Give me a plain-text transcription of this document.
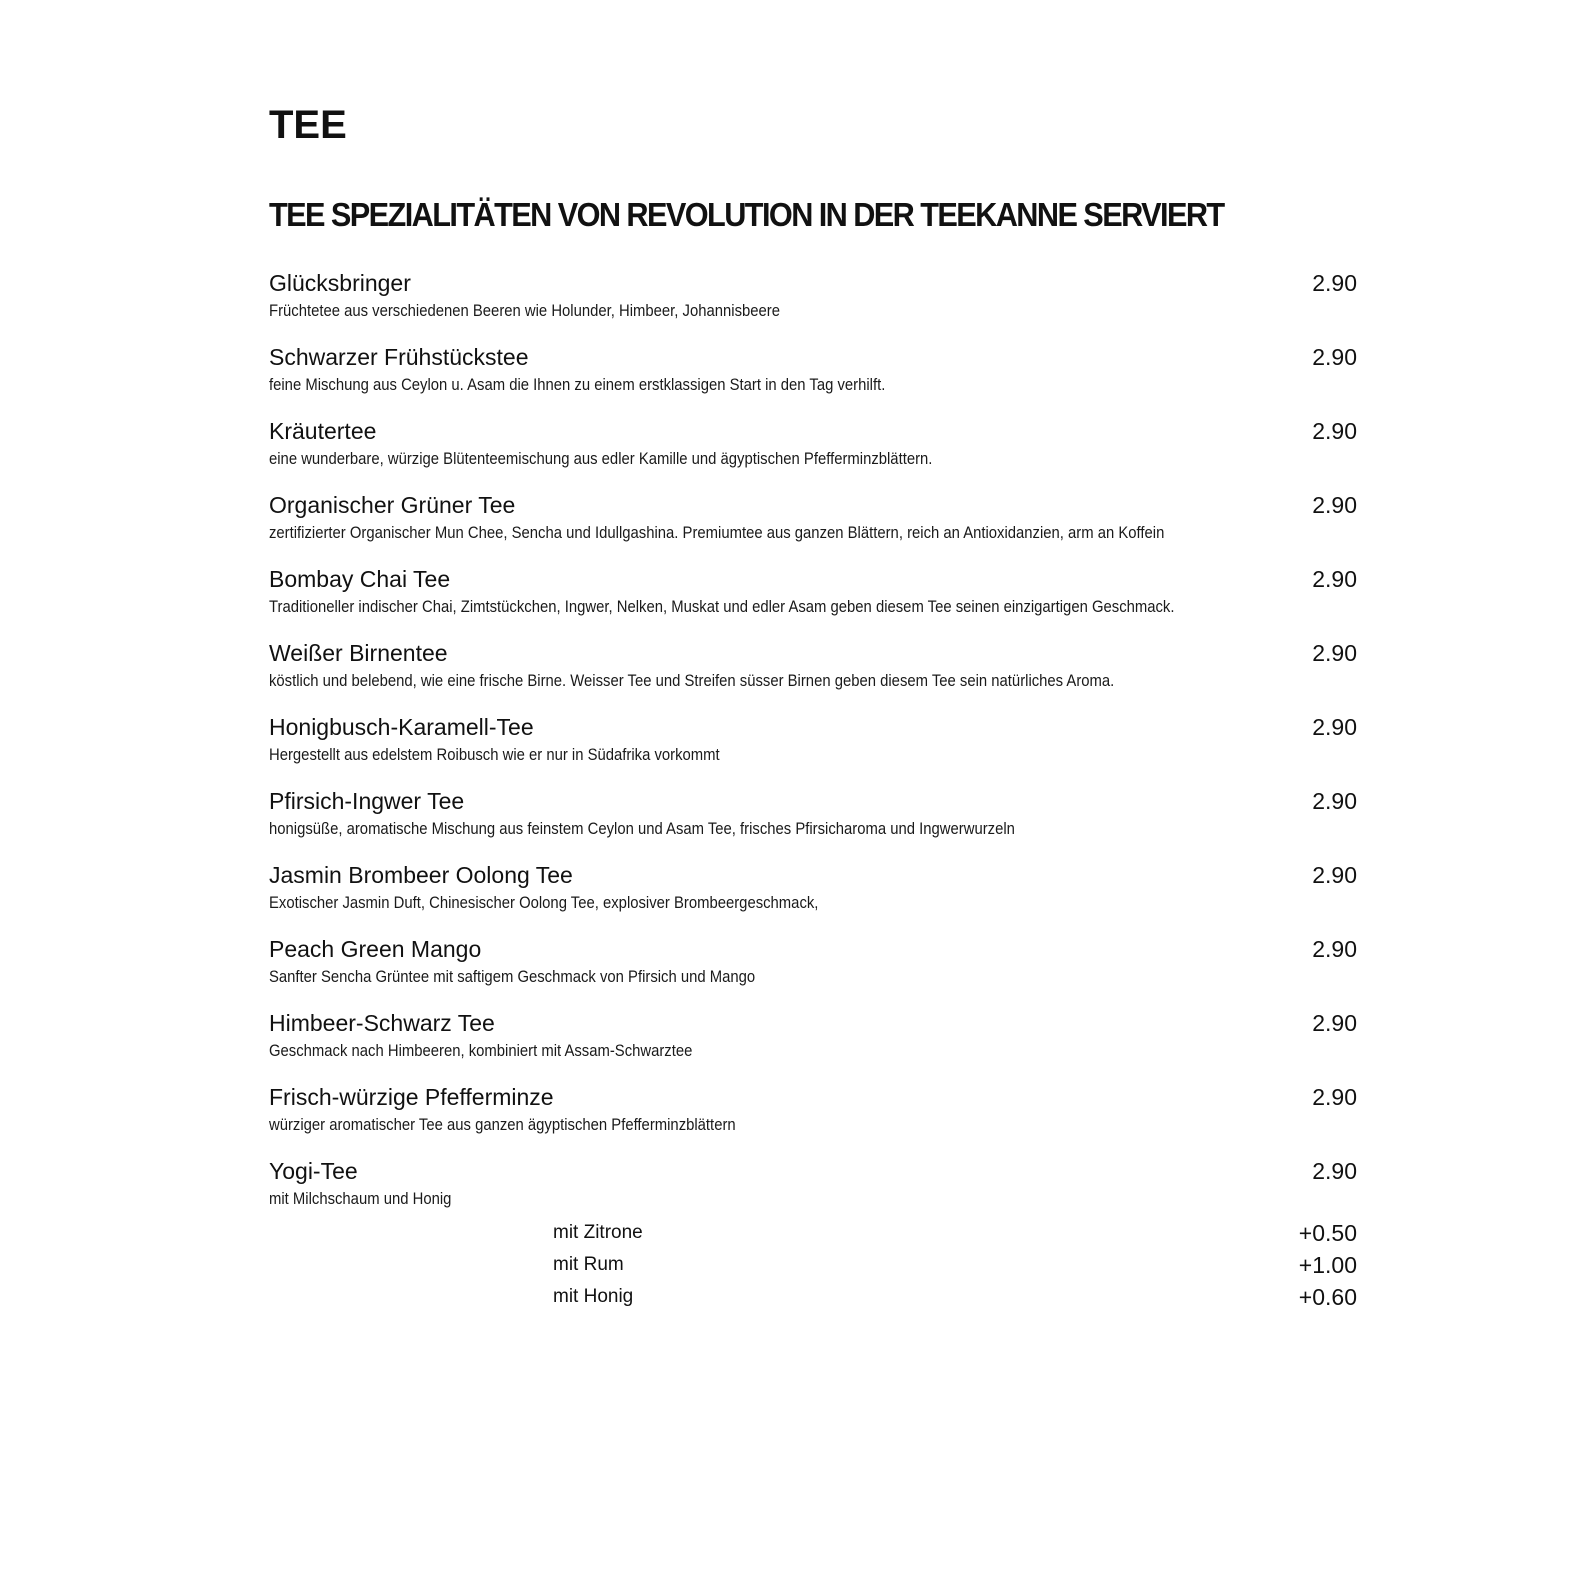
TEE
TEE SPEZIALITÄTEN VON REVOLUTION IN DER TEEKANNE SERVIERT
Glücksbringer	2.90
Früchtetee aus verschiedenen Beeren wie Holunder, Himbeer, Johannisbeere
Schwarzer Frühstückstee	2.90
feine Mischung aus Ceylon u. Asam die Ihnen zu einem erstklassigen Start in den Tag verhilft.
Kräutertee	2.90
eine wunderbare, würzige Blütenteemischung aus edler Kamille und ägyptischen Pfefferminzblättern.
Organischer Grüner Tee	2.90
zertifizierter Organischer Mun Chee, Sencha und Idullgashina. Premiumtee aus ganzen Blättern, reich an Antioxidanzien, arm an Koffein
Bombay Chai Tee	2.90
Traditioneller indischer Chai, Zimtstückchen, Ingwer, Nelken, Muskat und edler Asam geben diesem Tee seinen einzigartigen Geschmack.
Weißer Birnentee	2.90
köstlich und belebend, wie eine frische Birne. Weisser Tee und Streifen süsser Birnen geben diesem Tee sein natürliches Aroma.
Honigbusch-Karamell-Tee	2.90
Hergestellt aus edelstem Roibusch wie er nur in Südafrika vorkommt
Pfirsich-Ingwer Tee	2.90
honigsüße, aromatische Mischung aus feinstem Ceylon und Asam Tee, frisches Pfirsicharoma und Ingwerwurzeln
Jasmin Brombeer Oolong Tee	2.90
Exotischer Jasmin Duft, Chinesischer Oolong Tee, explosiver Brombeergeschmack,
Peach Green Mango	2.90
Sanfter Sencha Grüntee mit saftigem Geschmack von Pfirsich und Mango
Himbeer-Schwarz Tee	2.90
Geschmack nach Himbeeren, kombiniert mit Assam-Schwarztee
Frisch-würzige Pfefferminze	2.90
würziger aromatischer Tee aus ganzen ägyptischen Pfefferminzblättern
Yogi-Tee	2.90
mit Milchschaum und Honig
mit Zitrone	+0.50
mit Rum	+1.00
mit Honig	+0.60
